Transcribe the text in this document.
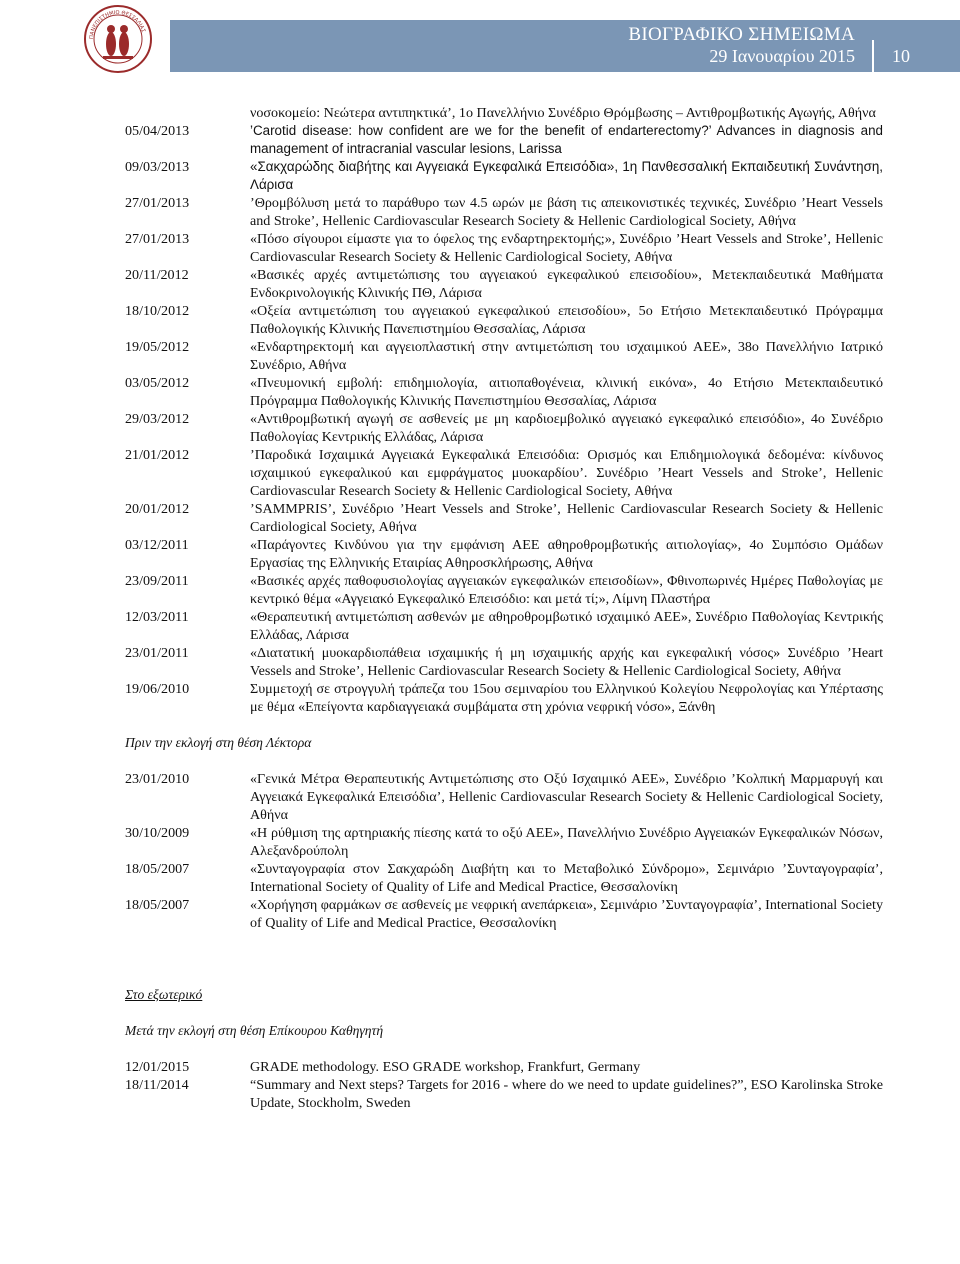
ΠΑΝΕΠΙΣΤΗΜΙΟ ΘΕΣΣΑΛΙΑΣ	ΒΙΟΓΡΑΦΙΚΟ ΣΗΜΕΙΩΜΑ
29 Ιανουαρίου 2015 10
νοσοκομείο: Νεώτερα αντιπηκτικά’, 1ο Πανελλήνιο Συνέδριο Θρόμβωσης – Αντιθρομβωτικής Αγωγής, Αθήνα
05/04/2013	’Carotid disease: how confident are we for the benefit of endarterectomy?’ Advances in diagnosis and management of intracranial vascular lesions, Larissa
09/03/2013	«Σακχαρώδης διαβήτης και Αγγειακά Εγκεφαλικά Επεισόδια», 1η Πανθεσσαλική Εκπαιδευτική Συνάντηση, Λάρισα
27/01/2013	’Θρομβόλυση μετά το παράθυρο των 4.5 ωρών με βάση τις απεικονιστικές τεχνικές, Συνέδριο ’Heart Vessels and Stroke’, Hellenic Cardiovascular Research Society & Hellenic Cardiological Society, Αθήνα
27/01/2013	«Πόσο σίγουροι είμαστε για το όφελος της ενδαρτηρεκτομής;», Συνέδριο ’Heart Vessels and Stroke’, Hellenic Cardiovascular Research Society & Hellenic Cardiological Society, Αθήνα
20/11/2012	«Βασικές αρχές αντιμετώπισης του αγγειακού εγκεφαλικού επεισοδίου», Μετεκπαιδευτικά Μαθήματα Ενδοκρινολογικής Κλινικής ΠΘ, Λάρισα
18/10/2012	«Οξεία αντιμετώπιση του αγγειακού εγκεφαλικού επεισοδίου», 5ο Ετήσιο Μετεκπαιδευτικό Πρόγραμμα Παθολογικής Κλινικής Πανεπιστημίου Θεσσαλίας, Λάρισα
19/05/2012	«Ενδαρτηρεκτομή και αγγειοπλαστική στην αντιμετώπιση του ισχαιμικού ΑΕΕ», 38ο Πανελλήνιο Ιατρικό Συνέδριο, Αθήνα
03/05/2012	«Πνευμονική εμβολή: επιδημιολογία, αιτιοπαθογένεια, κλινική εικόνα», 4ο Ετήσιο Μετεκπαιδευτικό Πρόγραμμα Παθολογικής Κλινικής Πανεπιστημίου Θεσσαλίας, Λάρισα
29/03/2012	«Αντιθρομβωτική αγωγή σε ασθενείς με μη καρδιοεμβολικό αγγειακό εγκεφαλικό επεισόδιο», 4ο Συνέδριο Παθολογίας Κεντρικής Ελλάδας, Λάρισα
21/01/2012	’Παροδικά Ισχαιμικά Αγγειακά Εγκεφαλικά Επεισόδια: Ορισμός και Επιδημιολογικά δεδομένα: κίνδυνος ισχαιμικού εγκεφαλικού και εμφράγματος μυοκαρδίου’. Συνέδριο ’Heart Vessels and Stroke’, Hellenic Cardiovascular Research Society & Hellenic Cardiological Society, Αθήνα
20/01/2012	’SAMMPRIS’, Συνέδριο ’Heart Vessels and Stroke’, Hellenic Cardiovascular Research Society & Hellenic Cardiological Society, Αθήνα
03/12/2011	«Παράγοντες Κινδύνου για την εμφάνιση ΑΕΕ αθηροθρομβωτικής αιτιολογίας», 4ο Συμπόσιο Ομάδων Εργασίας της Ελληνικής Εταιρίας Αθηροσκλήρωσης, Αθήνα
23/09/2011	«Βασικές αρχές παθοφυσιολογίας αγγειακών εγκεφαλικών επεισοδίων», Φθινοπωρινές Ημέρες Παθολογίας με κεντρικό θέμα «Αγγειακό Εγκεφαλικό Επεισόδιο: και μετά τί;», Λίμνη Πλαστήρα
12/03/2011	«Θεραπευτική αντιμετώπιση ασθενών με αθηροθρομβωτικό ισχαιμικό ΑΕΕ», Συνέδριο Παθολογίας Κεντρικής Ελλάδας, Λάρισα
23/01/2011	«Διατατική μυοκαρδιοπάθεια ισχαιμικής ή μη ισχαιμικής αρχής και εγκεφαλική νόσος» Συνέδριο ’Heart Vessels and Stroke’, Hellenic Cardiovascular Research Society & Hellenic Cardiological Society, Αθήνα
19/06/2010	Συμμετοχή σε στρογγυλή τράπεζα του 15ου σεμιναρίου του Ελληνικού Κολεγίου Νεφρολογίας και Υπέρτασης με θέμα «Επείγοντα καρδιαγγειακά συμβάματα στη χρόνια νεφρική νόσο», Ξάνθη
Πριν την εκλογή στη θέση Λέκτορα
23/01/2010	«Γενικά Μέτρα Θεραπευτικής Αντιμετώπισης στο Οξύ Ισχαιμικό ΑΕΕ», Συνέδριο ’Κολπική Μαρμαρυγή και Αγγειακά Εγκεφαλικά Επεισόδια’, Hellenic Cardiovascular Research Society & Hellenic Cardiological Society, Αθήνα
30/10/2009	«Η ρύθμιση της αρτηριακής πίεσης κατά το οξύ ΑΕΕ», Πανελλήνιο Συνέδριο Αγγειακών Εγκεφαλικών Νόσων, Αλεξανδρούπολη
18/05/2007	«Συνταγογραφία στον Σακχαρώδη Διαβήτη και το Μεταβολικό Σύνδρομο», Σεμινάριο ’Συνταγογραφία’, International Society of Quality of Life and Medical Practice, Θεσσαλονίκη
18/05/2007	«Χορήγηση φαρμάκων σε ασθενείς με νεφρική ανεπάρκεια», Σεμινάριο ’Συνταγογραφία’, International Society of Quality of Life and Medical Practice, Θεσσαλονίκη
Στο εξωτερικό
Μετά την εκλογή στη θέση Επίκουρου Καθηγητή
12/01/2015	GRADE methodology. ESO GRADE workshop, Frankfurt, Germany
18/11/2014	“Summary and Next steps? Targets for 2016 - where do we need to update guidelines?”, ESO Karolinska Stroke Update, Stockholm, Sweden
